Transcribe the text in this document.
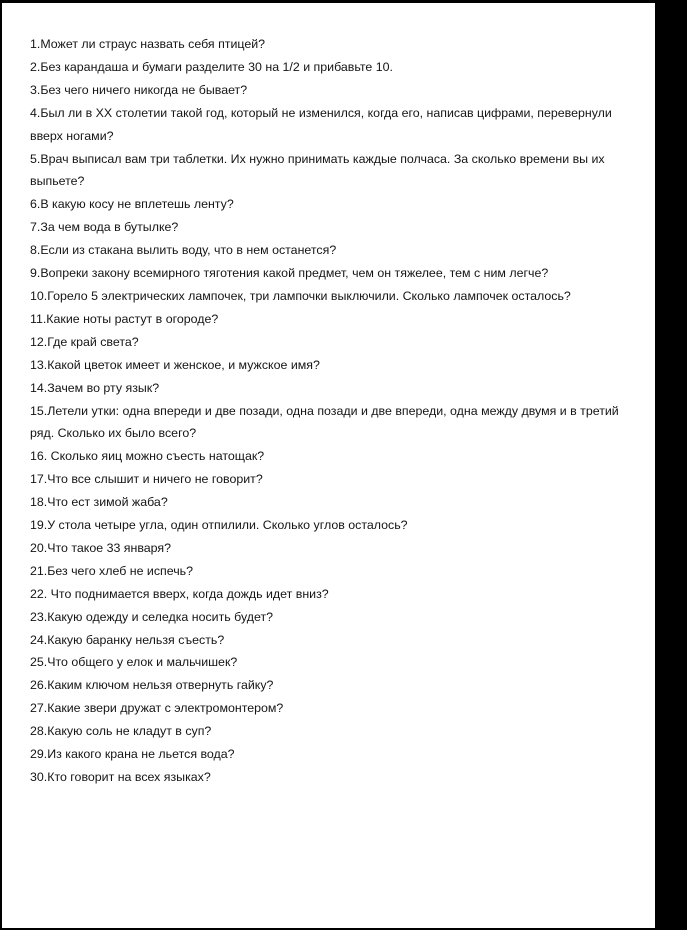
1.Может ли страус назвать себя птицей?
2.Без карандаша и бумаги разделите 30 на 1/2 и прибавьте 10.
3.Без чего ничего никогда не бывает?
4.Был ли в XX столетии такой год, который не изменился, когда его, написав цифрами, перевернули вверх ногами?
5.Врач выписал вам три таблетки. Их нужно принимать каждые полчаса. За сколько времени вы их выпьете?
6.В какую косу не вплетешь ленту?
7.За чем вода в бутылке?
8.Если из стакана вылить воду, что в нем останется?
9.Вопреки закону всемирного тяготения какой предмет, чем он тяжелее, тем с ним легче?
10.Горело 5 электрических лампочек, три лампочки выключили. Сколько лампочек осталось?
11.Какие ноты растут в огороде?
12.Где край света?
13.Какой цветок имеет и женское, и мужское имя?
14.Зачем во рту язык?
15.Летели утки: одна впереди и две позади, одна позади и две впереди, одна между двумя и в третий ряд. Сколько их было всего?
16. Сколько яиц можно съесть натощак?
17.Что все слышит и ничего не говорит?
18.Что ест зимой жаба?
19.У стола четыре угла, один отпилили. Сколько углов осталось?
20.Что такое 33 января?
21.Без чего хлеб не испечь?
22. Что поднимается вверх, когда дождь идет вниз?
23.Какую одежду и селедка носить будет?
24.Какую баранку нельзя съесть?
25.Что общего у елок и мальчишек?
26.Каким ключом нельзя отвернуть гайку?
27.Какие звери дружат с электромонтером?
28.Какую соль не кладут в суп?
29.Из какого крана не льется вода?
30.Кто говорит на всех языках?
